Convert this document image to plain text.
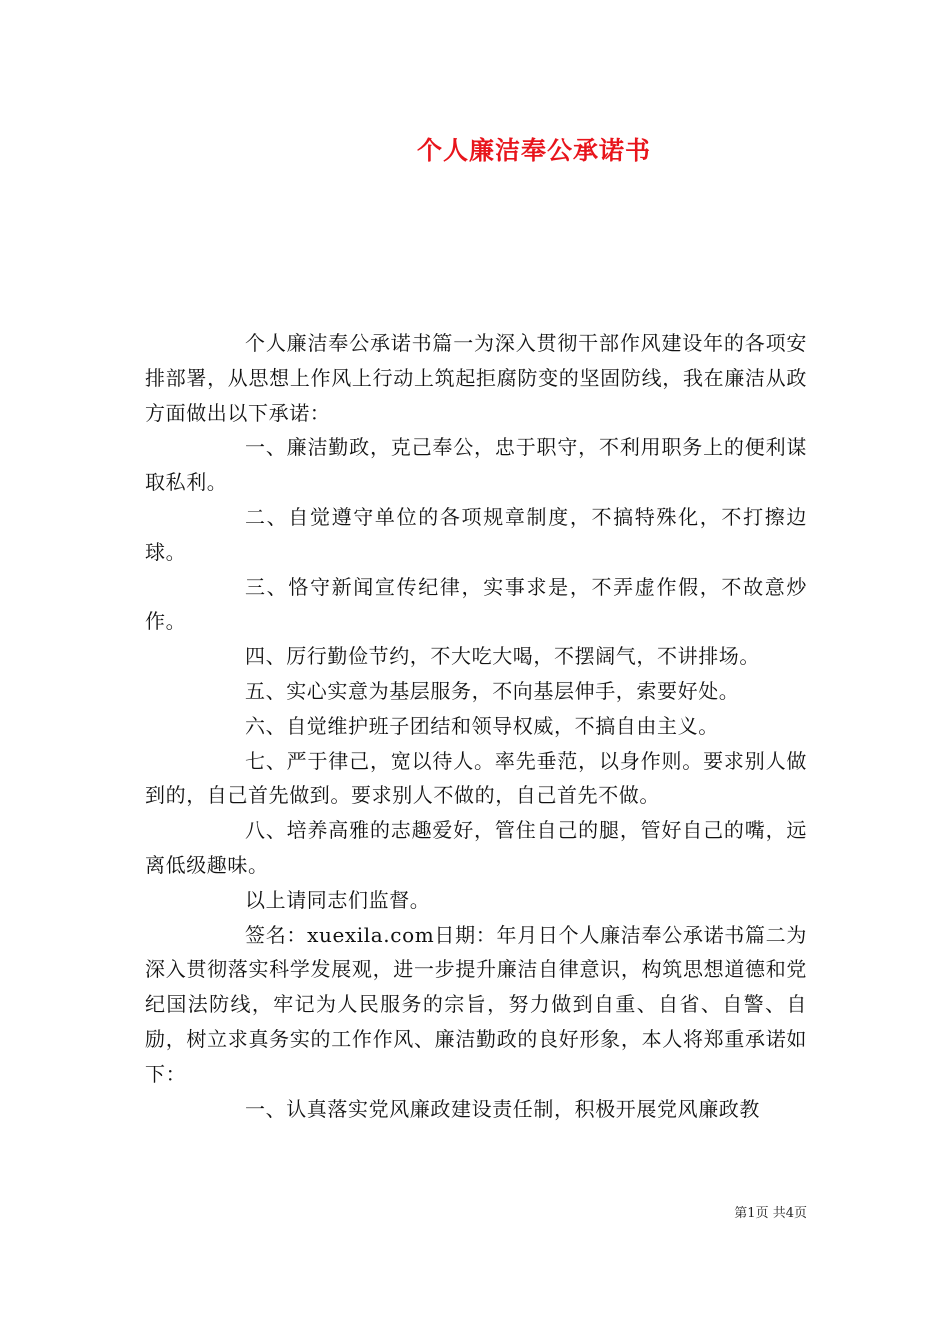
个人廉洁奉公承诺书

个人廉洁奉公承诺书篇一为深入贯彻干部作风建设年的各项安排部署，从思想上作风上行动上筑起拒腐防变的坚固防线，我在廉洁从政方面做出以下承诺：

一、廉洁勤政，克己奉公，忠于职守，不利用职务上的便利谋取私利。

二、自觉遵守单位的各项规章制度，不搞特殊化，不打擦边球。

三、恪守新闻宣传纪律，实事求是，不弄虚作假，不故意炒作。

四、厉行勤俭节约，不大吃大喝，不摆阔气，不讲排场。

五、实心实意为基层服务，不向基层伸手，索要好处。

六、自觉维护班子团结和领导权威，不搞自由主义。

七、严于律己，宽以待人。率先垂范，以身作则。要求别人做到的，自己首先做到。要求别人不做的，自己首先不做。

八、培养高雅的志趣爱好，管住自己的腿，管好自己的嘴，远离低级趣味。

以上请同志们监督。

签名：xuexila.com日期：年月日个人廉洁奉公承诺书篇二为深入贯彻落实科学发展观，进一步提升廉洁自律意识，构筑思想道德和党纪国法防线，牢记为人民服务的宗旨，努力做到自重、自省、自警、自励，树立求真务实的工作作风、廉洁勤政的良好形象，本人将郑重承诺如下：

一、认真落实党风廉政建设责任制，积极开展党风廉政教

第1页 共4页
